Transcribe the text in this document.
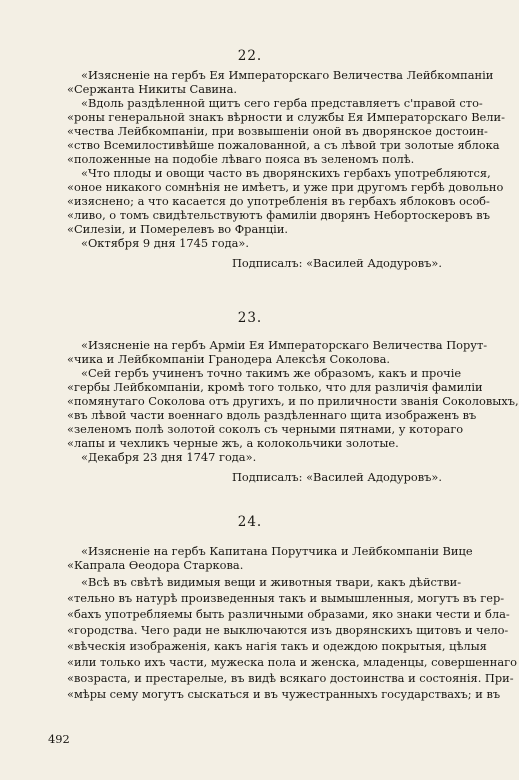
22.
«Изясненіе на гербъ Ея Императорскаго Величества Лейбкомпаніи
«Сержанта Никиты Савина.
«Вдоль раздѣленной щитъ сего герба представляетъ с'правой сто-
«роны генеральной знакъ вѣрности и службы Ея Императорскаго Вели-
«чества Лейбкомпаніи, при возвышеніи оной въ дворянское достоин-
«ство Всемилостивѣйше пожалованной, а съ лѣвой три золотые яблока
«положенные на подобіе лѣваго пояса въ зеленомъ полѣ.
«Что плоды и овощи часто въ дворянскихъ гербахъ употребляются,
«оное никакого сомнѣнія не имѣетъ, и уже при другомъ гербѣ довольно
«изяснено; а что касается до употребленія въ гербахъ яблоковъ особ-
«ливо, о томъ свидѣтельствуютъ фамиліи дворянъ Небортоскеровъ въ
«Силезіи, и Померелевъ во Франціи.
«Октября 9 дня 1745 года».
Подписалъ: «Василей Адодуровъ».
23.
«Изясненіе на гербъ Арміи Ея Императорскаго Величества Порут-
«чика и Лейбкомпаніи Гранодера Алексѣя Соколова.
«Сей гербъ учиненъ точно такимъ же образомъ, какъ и прочіе
«гербы Лейбкомпаніи, кромѣ того только, что для различія фамиліи
«помянутаго Соколова отъ другихъ, и по приличности званія Соколовыхъ,
«въ лѣвой части военнаго вдоль раздѣленнаго щита изображенъ въ
«зеленомъ полѣ золотой соколъ съ черными пятнами, у котораго
«лапы и чехликъ черные жъ, а колокольчики золотые.
«Декабря 23 дня 1747 года».
Подписалъ: «Василей Адодуровъ».
24.
«Изясненіе на гербъ Капитана Порутчика и Лейбкомпаніи Вице
«Капрала Өеодора Старкова.
«Всѣ въ свѣтѣ видимыя вещи и животныя твари, какъ дѣйстви-
«тельно въ натурѣ произведенныя такъ и вымышленныя, могутъ въ гер-
«бахъ употребляемы быть различными образами, яко знаки чести и бла-
«городства. Чего ради не выключаются изъ дворянскихъ щитовъ и чело-
«вѣческія изображенія, какъ нагія такъ и одеждою покрытыя, цѣлыя
«или только ихъ части, мужеска пола и женска, младенцы, совершеннаго
«возраста, и престарелые, въ видѣ всякаго достоинства и состоянія. При-
«мѣры сему могутъ сыскаться и въ чужестранныхъ государствахъ; и въ
492
